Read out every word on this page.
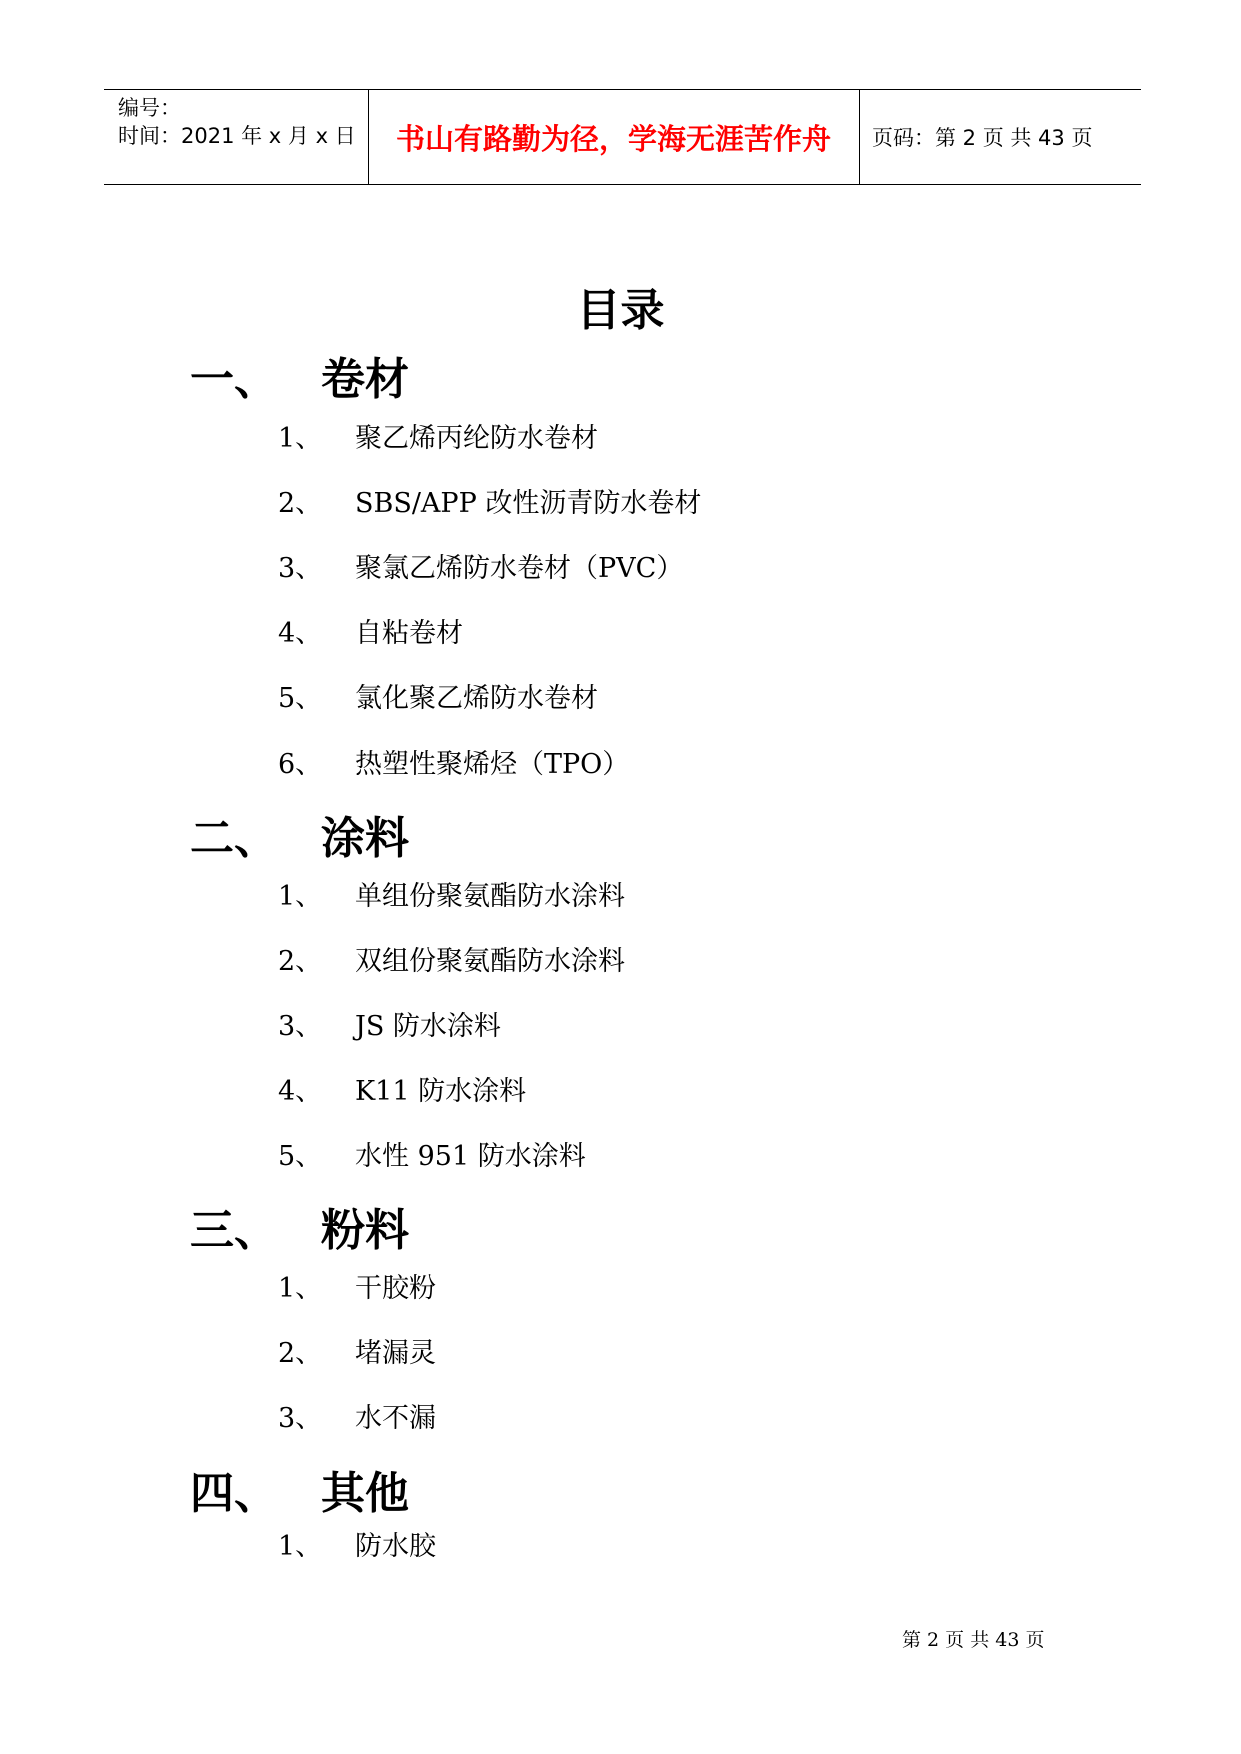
编号：
时间：2021 年 x 月 x 日	书山有路勤为径，学海无涯苦作舟	页码：第 2 页 共 43 页
目录
一、 卷材
1、	聚乙烯丙纶防水卷材
2、	SBS/APP 改性沥青防水卷材
3、	聚氯乙烯防水卷材（PVC）
4、	自粘卷材
5、	氯化聚乙烯防水卷材
6、	热塑性聚烯烃（TPO）
二、 涂料
1、	单组份聚氨酯防水涂料
2、	双组份聚氨酯防水涂料
3、	JS 防水涂料
4、	K11 防水涂料
5、	水性 951 防水涂料
三、 粉料
1、	干胶粉
2、	堵漏灵
3、	水不漏
四、 其他
1、	防水胶
第 2 页 共 43 页
